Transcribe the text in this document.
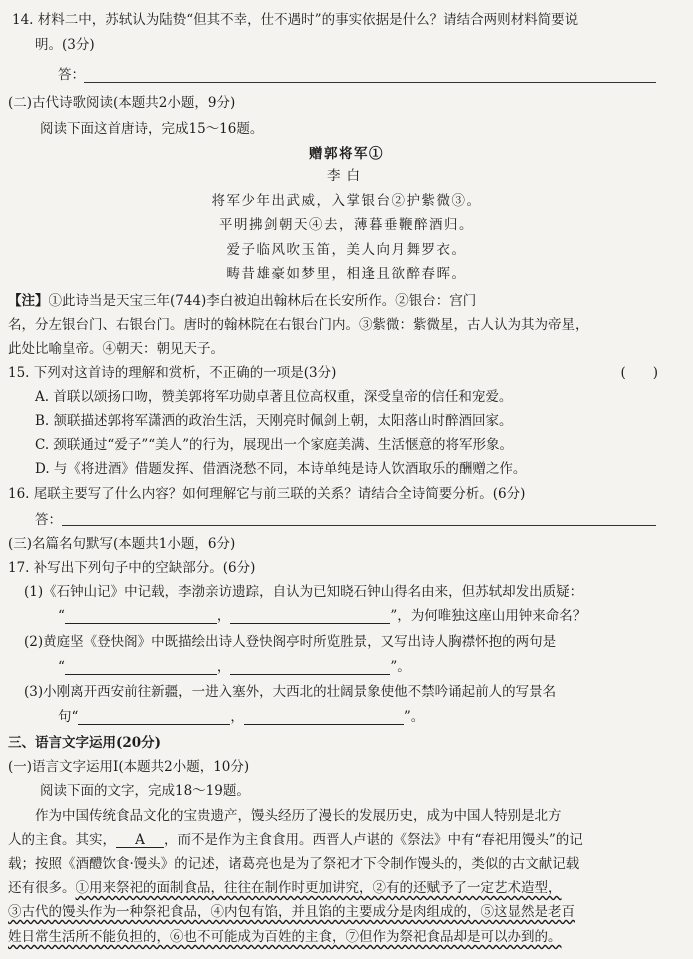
14. 材料二中，苏轼认为陆贽“但其不幸，仕不遇时”的事实依据是什么？请结合两则材料简要说
明。(3分)
答：
(二)古代诗歌阅读(本题共2小题，9分)
阅读下面这首唐诗，完成15～16题。
赠郭将军①
李白
将军少年出武威，入掌银台②护紫微③。
平明拂剑朝天④去，薄暮垂鞭醉酒归。
爱子临风吹玉笛，美人向月舞罗衣。
畴昔雄豪如梦里，相逢且欲醉春晖。
【注】①此诗当是天宝三年(744)李白被迫出翰林后在长安所作。②银台：宫门
名，分左银台门、右银台门。唐时的翰林院在右银台门内。③紫微：紫微星，古人认为其为帝星，
此处比喻皇帝。④朝天：朝见天子。
15. 下列对这首诗的理解和赏析，不正确的一项是(3分)	(　　)
A. 首联以颂扬口吻，赞美郭将军功勋卓著且位高权重，深受皇帝的信任和宠爱。
B. 颔联描述郭将军潇洒的政治生活，天刚亮时佩剑上朝，太阳落山时醉酒回家。
C. 颈联通过“爱子”“美人”的行为，展现出一个家庭美满、生活惬意的将军形象。
D. 与《将进酒》借题发挥、借酒浇愁不同，本诗单纯是诗人饮酒取乐的酬赠之作。
16. 尾联主要写了什么内容？如何理解它与前三联的关系？请结合全诗简要分析。(6分)
答：
(三)名篇名句默写(本题共1小题，6分)
17. 补写出下列句子中的空缺部分。(6分)
(1)《石钟山记》中记载，李渤亲访遗踪，自认为已知晓石钟山得名由来，但苏轼却发出质疑：
“	，	”，为何唯独这座山用钟来命名？
(2)黄庭坚《登快阁》中既描绘出诗人登快阁亭时所览胜景，又写出诗人胸襟怀抱的两句是
“	，	”。
(3)小刚离开西安前往新疆，一进入塞外，大西北的壮阔景象使他不禁吟诵起前人的写景名
句“	，	”。
三、语言文字运用(20分)
(一)语言文字运用Ⅰ(本题共2小题，10分)
阅读下面的文字，完成18～19题。
作为中国传统食品文化的宝贵遗产，馒头经历了漫长的发展历史，成为中国人特别是北方
人的主食。其实， A ，而不是作为主食食用。西晋人卢谌的《祭法》中有“春祀用馒头”的记
载；按照《酒醴饮食·馒头》的记述，诸葛亮也是为了祭祀才下令制作馒头的，类似的古文献记载
还有很多。①用来祭祀的面制食品，往往在制作时更加讲究，②有的还赋予了一定艺术造型，
③古代的馒头作为一种祭祀食品，④内包有馅，并且馅的主要成分是肉组成的，⑤这显然是老百
姓日常生活所不能负担的，⑥也不可能成为百姓的主食，⑦但作为祭祀食品却是可以办到的。
